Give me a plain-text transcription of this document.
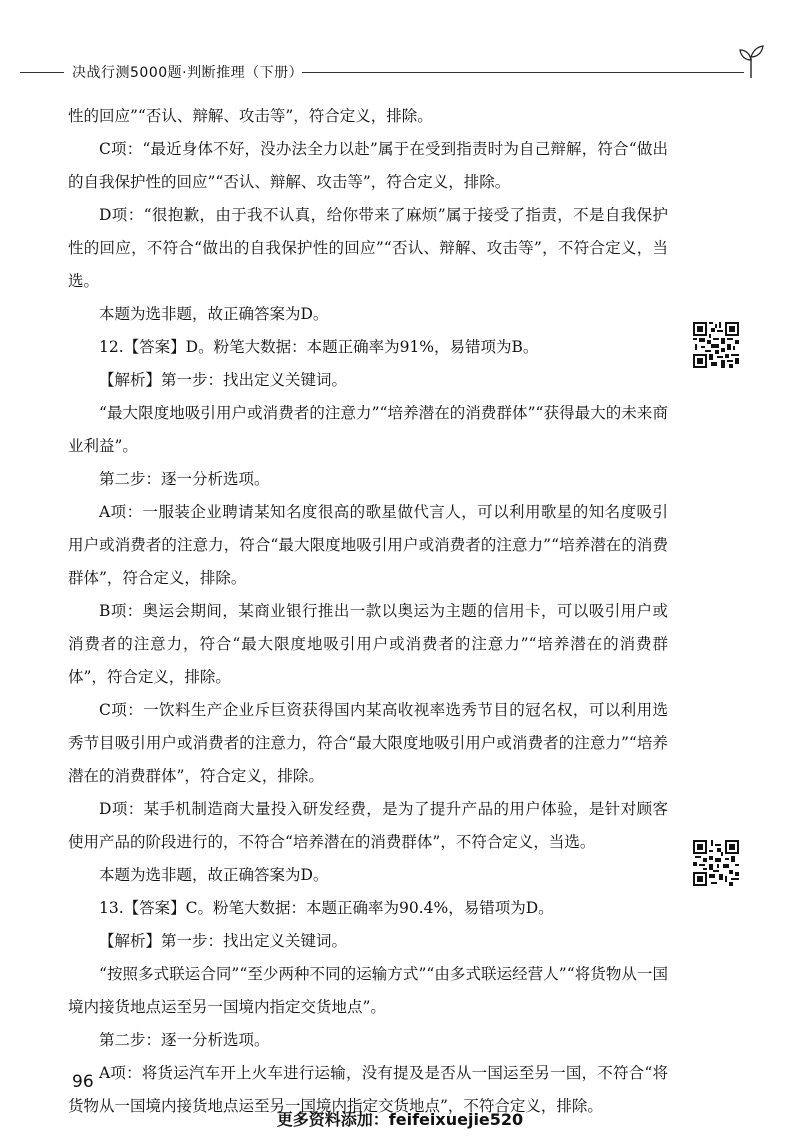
决战行测5000题·判断推理（下册）

性的回应”“否认、辩解、攻击等”，符合定义，排除。

C项：“最近身体不好，没办法全力以赴”属于在受到指责时为自己辩解，符合“做出的自我保护性的回应”“否认、辩解、攻击等”，符合定义，排除。

D项：“很抱歉，由于我不认真，给你带来了麻烦”属于接受了指责，不是自我保护性的回应，不符合“做出的自我保护性的回应”“否认、辩解、攻击等”，不符合定义，当选。

本题为选非题，故正确答案为D。

12.【答案】D。粉笔大数据：本题正确率为91%，易错项为B。

【解析】第一步：找出定义关键词。

“最大限度地吸引用户或消费者的注意力”“培养潜在的消费群体”“获得最大的未来商业利益”。

第二步：逐一分析选项。

A项：一服装企业聘请某知名度很高的歌星做代言人，可以利用歌星的知名度吸引用户或消费者的注意力，符合“最大限度地吸引用户或消费者的注意力”“培养潜在的消费群体”，符合定义，排除。

B项：奥运会期间，某商业银行推出一款以奥运为主题的信用卡，可以吸引用户或消费者的注意力，符合“最大限度地吸引用户或消费者的注意力”“培养潜在的消费群体”，符合定义，排除。

C项：一饮料生产企业斥巨资获得国内某高收视率选秀节目的冠名权，可以利用选秀节目吸引用户或消费者的注意力，符合“最大限度地吸引用户或消费者的注意力”“培养潜在的消费群体”，符合定义，排除。

D项：某手机制造商大量投入研发经费，是为了提升产品的用户体验，是针对顾客使用产品的阶段进行的，不符合“培养潜在的消费群体”，不符合定义，当选。

本题为选非题，故正确答案为D。

13.【答案】C。粉笔大数据：本题正确率为90.4%，易错项为D。

【解析】第一步：找出定义关键词。

“按照多式联运合同”“至少两种不同的运输方式”“由多式联运经营人”“将货物从一国境内接货地点运至另一国境内指定交货地点”。

第二步：逐一分析选项。

A项：将货运汽车开上火车进行运输，没有提及是否从一国运至另一国，不符合“将货物从一国境内接货地点运至另一国境内指定交货地点”，不符合定义，排除。

96
更多资料添加：feifeixuejie520
